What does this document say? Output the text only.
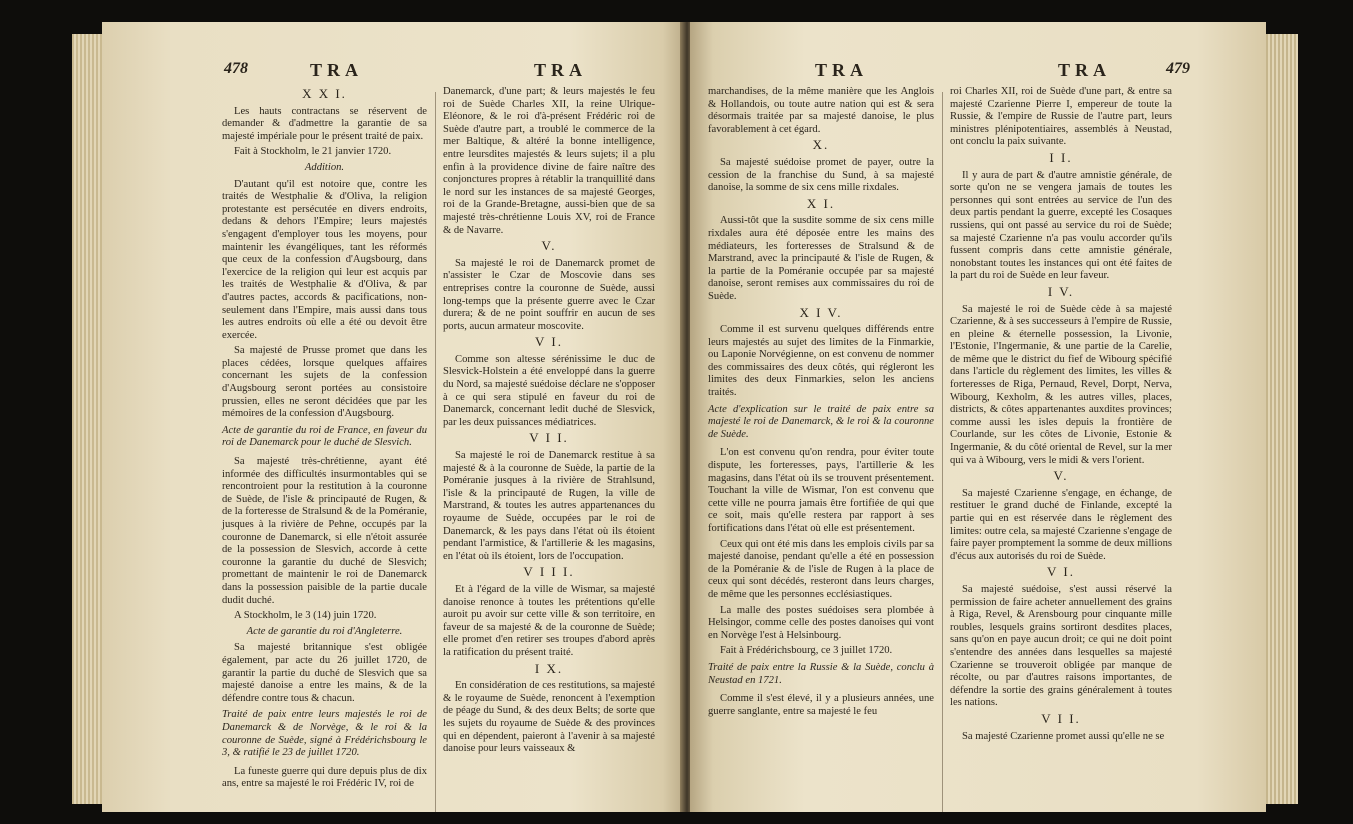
478	TRA	TRA
X X I.

Les hauts contractans se réservent de demander & d'admettre la garantie de sa majesté impériale pour le présent traité de paix.

Fait à Stockholm, le 21 janvier 1720.

Addition.

D'autant qu'il est notoire que, contre les traités de Westphalie & d'Oliva, la religion protestante est persécutée en divers endroits, dedans & dehors l'Empire; leurs majestés s'engagent d'employer tous les moyens, pour maintenir les évangéliques, tant les réformés que ceux de la confession d'Augsbourg, dans l'exercice de la religion qui leur est acquis par les traités de Westphalie & d'Oliva, & par d'autres pactes, accords & pacifications, non-seulement dans l'Empire, mais aussi dans tous les autres endroits où elle a été ou devoit être exercée.

Sa majesté de Prusse promet que dans les places cédées, lorsque quelques affaires concernant les sujets de la confession d'Augsbourg seront portées au consistoire prussien, elles ne seront décidées que par les mémoires de la confession d'Augsbourg.

Acte de garantie du roi de France, en faveur du roi de Danemarck pour le duché de Slesvich.

Sa majesté très-chrétienne, ayant été informée des difficultés insurmontables qui se rencontroient pour la restitution à la couronne de Suède, de l'isle & principauté de Rugen, & de la forteresse de Stralsund & de la Poméranie, jusques à la rivière de Pehne, occupés par la couronne de Danemarck, si elle n'étoit assurée de la possession de Slesvich, accorde à cette couronne la garantie du duché de Slesvich; promettant de maintenir le roi de Danemarck dans la possession paisible de la partie ducale dudit duché.

A Stockholm, le 3 (14) juin 1720.

Acte de garantie du roi d'Angleterre.

Sa majesté britannique s'est obligée également, par acte du 26 juillet 1720, de garantir la partie du duché de Slesvich que sa majesté danoise a entre les mains, & de la défendre contre tous & chacun.

Traité de paix entre leurs majestés le roi de Danemarck & de Norvège, & le roi & la couronne de Suède, signé à Frédérichsbourg le 3, & ratifié le 23 de juillet 1720.

La funeste guerre qui dure depuis plus de dix ans, entre sa majesté le roi Frédéric IV, roi de

Danemarck, d'une part; & leurs majestés le feu roi de Suède Charles XII, la reine Ulrique-Eléonore, & le roi d'à-présent Frédéric roi de Suède d'autre part, a troublé le commerce de la mer Baltique, & altéré la bonne intelligence, entre leursdites majestés & leurs sujets; il a plu enfin à la providence divine de faire naître des conjonctures propres à rétablir la tranquillité dans le nord sur les instances de sa majesté Georges, roi de la Grande-Bretagne, aussi-bien que de sa majesté très-chrétienne Louis XV, roi de France & de Navarre.

V.

Sa majesté le roi de Danemarck promet de n'assister le Czar de Moscovie dans ses entreprises contre la couronne de Suède, aussi long-temps que la présente guerre avec le Czar durera; & de ne point souffrir en aucun de ses ports, aucun armateur moscovite.

V I.

Comme son altesse sérénissime le duc de Slesvick-Holstein a été enveloppé dans la guerre du Nord, sa majesté suédoise déclare ne s'opposer à ce qui sera stipulé en faveur du roi de Danemarck, concernant ledit duché de Slesvick, par les deux puissances médiatrices.

V I I.

Sa majesté le roi de Danemarck restitue à sa majesté & à la couronne de Suède, la partie de la Poméranie jusques à la rivière de Strahlsund, l'isle & la principauté de Rugen, la ville de Marstrand, & toutes les autres appartenances du royaume de Suède, occupées par le roi de Danemarck, & les pays dans l'état où ils étoient pendant l'armistice, & l'artillerie & les magasins, en l'état où ils étoient, lors de l'occupation.

V I I I.

Et à l'égard de la ville de Wismar, sa majesté danoise renonce à toutes les prétentions qu'elle auroit pu avoir sur cette ville & son territoire, en faveur de sa majesté & de la couronne de Suède; elle promet d'en retirer ses troupes d'abord après la ratification du présent traité.

I X.

En considération de ces restitutions, sa majesté & le royaume de Suède, renoncent à l'exemption de péage du Sund, & des deux Belts; de sorte que les sujets du royaume de Suède & des provinces qui en dépendent, paieront à l'avenir à sa majesté danoise pour leurs vaisseaux &

TRA	TRA	479

marchandises, de la même manière que les Anglois & Hollandois, ou toute autre nation qui est & sera désormais traitée par sa majesté danoise, le plus favorablement à cet égard.

X.

Sa majesté suédoise promet de payer, outre la cession de la franchise du Sund, à sa majesté danoise, la somme de six cens mille rixdales.

X I.

Aussi-tôt que la susdite somme de six cens mille rixdales aura été déposée entre les mains des médiateurs, les forteresses de Stralsund & de Marstrand, avec la principauté & l'isle de Rugen, & la partie de la Poméranie occupée par sa majesté danoise, seront remises aux commissaires du roi de Suède.

X I V.

Comme il est survenu quelques différends entre leurs majestés au sujet des limites de la Finmarkie, ou Laponie Norvégienne, on est convenu de nommer des commissaires des deux côtés, qui régleront les limites des deux Finmarkies, selon les anciens traités.

Acte d'explication sur le traité de paix entre sa majesté le roi de Danemarck, & le roi & la couronne de Suède.

L'on est convenu qu'on rendra, pour éviter toute dispute, les forteresses, pays, l'artillerie & les magasins, dans l'état où ils se trouvent présentement. Touchant la ville de Wismar, l'on est convenu que cette ville ne pourra jamais être fortifiée de qui que ce soit, mais qu'elle restera par rapport à ses fortifications dans l'état où elle est présentement.

Ceux qui ont été mis dans les emplois civils par sa majesté danoise, pendant qu'elle a été en possession de la Poméranie & de l'isle de Rugen à la place de ceux qui sont décédés, resteront dans leurs charges, de même que les personnes ecclésiastiques.

La malle des postes suédoises sera plombée à Helsingor, comme celle des postes danoises qui vont en Norvège l'est à Helsinbourg.

Fait à Frédérichsbourg, ce 3 juillet 1720.

Traité de paix entre la Russie & la Suède, conclu à Neustad en 1721.

Comme il s'est élevé, il y a plusieurs années, une guerre sanglante, entre sa majesté le feu

roi Charles XII, roi de Suède d'une part, & entre sa majesté Czarienne Pierre I, empereur de toute la Russie, & l'empire de Russie de l'autre part, leurs ministres plénipotentiaires, assemblés à Neustad, ont conclu la paix suivante.

I I.

Il y aura de part & d'autre amnistie générale, de sorte qu'on ne se vengera jamais de toutes les personnes qui sont entrées au service de l'un des deux partis pendant la guerre, excepté les Cosaques russiens, qui ont passé au service du roi de Suède; sa majesté Czarienne n'a pas voulu accorder qu'ils fussent compris dans cette amnistie générale, nonobstant toutes les instances qui ont été faites de la part du roi de Suède en leur faveur.

I V.

Sa majesté le roi de Suède cède à sa majesté Czarienne, & à ses successeurs à l'empire de Russie, en pleine & éternelle possession, la Livonie, l'Estonie, l'Ingermanie, & une partie de la Carelie, de même que le district du fief de Wibourg spécifié dans l'article du règlement des limites, les villes & forteresses de Riga, Pernaud, Revel, Dorpt, Nerva, Wibourg, Kexholm, & les autres villes, places, districts, & côtes appartenantes auxdites provinces; comme aussi les isles depuis la frontière de Courlande, sur les côtes de Livonie, Estonie & Ingermanie, & du côté oriental de Revel, sur la mer qui va à Wibourg, vers le midi & vers l'orient.

V.

Sa majesté Czarienne s'engage, en échange, de restituer le grand duché de Finlande, excepté la partie qui en est réservée dans le règlement des limites: outre cela, sa majesté Czarienne s'engage de faire payer promptement la somme de deux millions d'écus aux autorisés du roi de Suède.

V I.

Sa majesté suédoise, s'est aussi réservé la permission de faire acheter annuellement des grains à Riga, Revel, & Arensbourg pour cinquante mille roubles, lesquels grains sortiront desdites places, sans qu'on en paye aucun droit; ce qui ne doit point s'entendre des années dans lesquelles sa majesté Czarienne se trouveroit obligée par manque de récolte, ou par d'autres raisons importantes, de défendre la sortie des grains généralement à toutes les nations.

V I I.

Sa majesté Czarienne promet aussi qu'elle ne se
